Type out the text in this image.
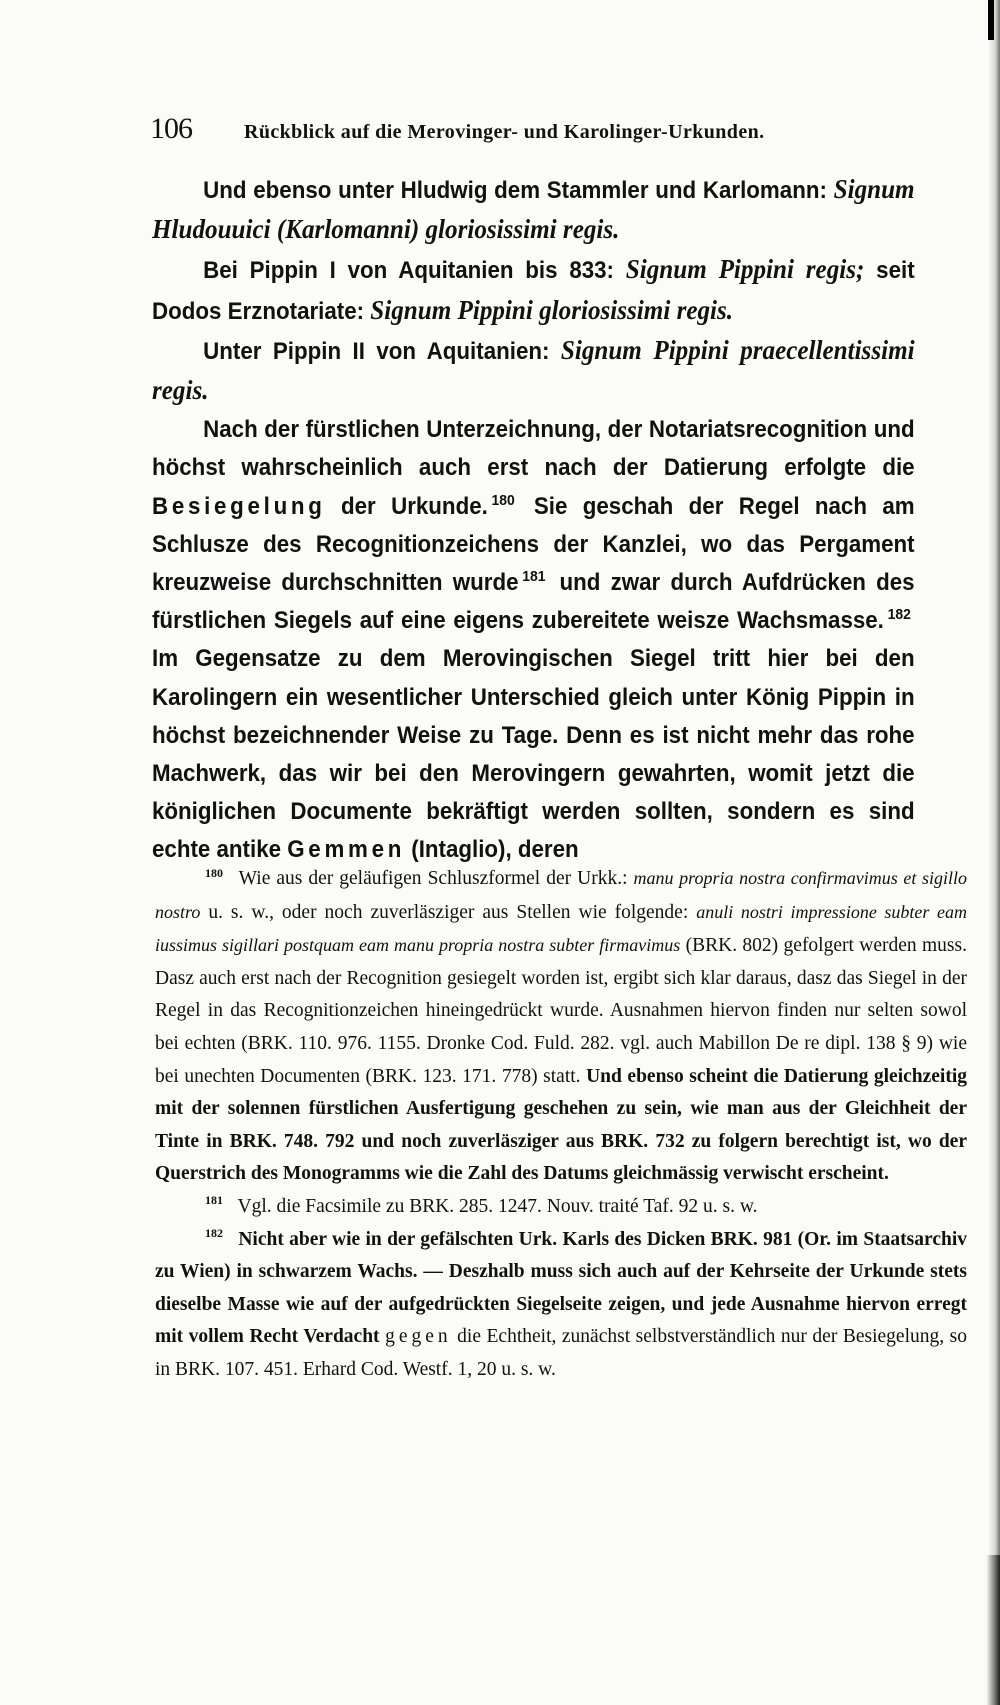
106	Rückblick auf die Merovinger- und Karolinger-Urkunden.

Und ebenso unter Hludwig dem Stammler und Karlomann: Signum Hludouuici (Karlomanni) gloriosissimi regis.

Bei Pippin I von Aquitanien bis 833: Signum Pippini regis; seit Dodos Erznotariate: Signum Pippini gloriosissimi regis.

Unter Pippin II von Aquitanien: Signum Pippini praecellentissimi regis.

Nach der fürstlichen Unterzeichnung, der Notariatsrecognition und höchst wahrscheinlich auch erst nach der Datierung erfolgte die Besiegelung der Urkunde. $^{180}$ Sie geschah der Regel nach am Schlusze des Recognitionzeichens der Kanzlei, wo das Pergament kreuzweise durchschnitten wurde $^{181}$ und zwar durch Aufdrücken des fürstlichen Siegels auf eine eigens zubereitete weisze Wachsmasse. $^{182}$ Im Gegensatze zu dem Merovingischen Siegel tritt hier bei den Karolingern ein wesentlicher Unterschied gleich unter König Pippin in höchst bezeichnender Weise zu Tage. Denn es ist nicht mehr das rohe Machwerk, das wir bei den Merovingern gewahrten, womit jetzt die königlichen Documente bekräftigt werden sollten, sondern es sind echte antike Gemmen (Intaglio), deren

$^{180}$ Wie aus der geläufigen Schluszformel der Urkk.: manu propria nostra confirmavimus et sigillo nostro u. s. w., oder noch zuverläsziger aus Stellen wie folgende: anuli nostri impressione subter eam iussimus sigillari postquam eam manu propria nostra subter firmavimus (BRK. 802) gefolgert werden muss. Dasz auch erst nach der Recognition gesiegelt worden ist, ergibt sich klar daraus, dasz das Siegel in der Regel in das Recognitionzeichen hineingedrückt wurde. Ausnahmen hiervon finden nur selten sowol bei echten (BRK. 110. 976. 1155. Dronke Cod. Fuld. 282. vgl. auch Mabillon De re dipl. 138 § 9) wie bei unechten Documenten (BRK. 123. 171. 778) statt. Und ebenso scheint die Datierung gleichzeitig mit der solennen fürstlichen Ausfertigung geschehen zu sein, wie man aus der Gleichheit der Tinte in BRK. 748. 792 und noch zuverläsziger aus BRK. 732 zu folgern berechtigt ist, wo der Querstrich des Monogramms wie die Zahl des Datums gleichmässig verwischt erscheint.

$^{181}$ Vgl. die Facsimile zu BRK. 285. 1247. Nouv. traité Taf. 92 u. s. w.

$^{182}$ Nicht aber wie in der gefälschten Urk. Karls des Dicken BRK. 981 (Or. im Staatsarchiv zu Wien) in schwarzem Wachs. — Deszhalb muss sich auch auf der Kehrseite der Urkunde stets dieselbe Masse wie auf der aufgedrückten Siegelseite zeigen, und jede Ausnahme hiervon erregt mit vollem Recht Verdacht gegen die Echtheit, zunächst selbstverständlich nur der Besiegelung, so in BRK. 107. 451. Erhard Cod. Westf. 1, 20 u. s. w.
